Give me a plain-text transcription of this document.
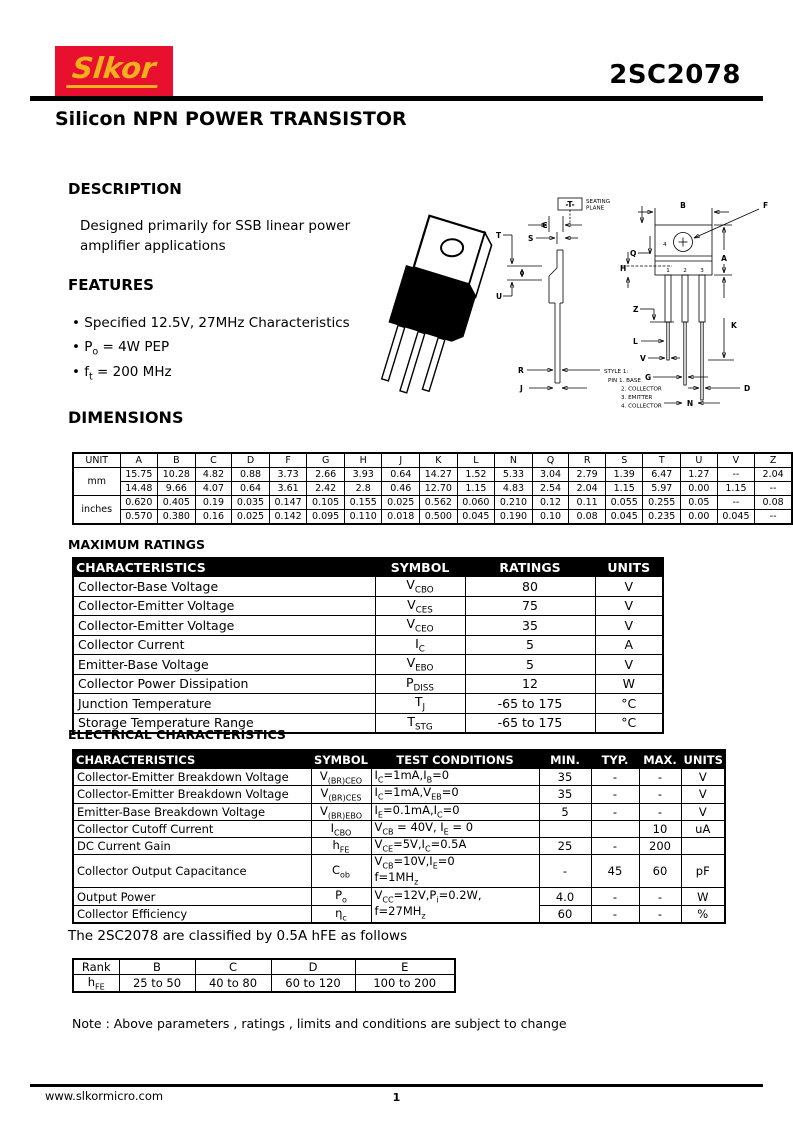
Slkor	2SC2078
Silicon NPN POWER TRANSISTOR
DESCRIPTION
Designed primarily for SSB linear power
amplifier applications
FEATURES
• Specified 12.5V, 27MHz Characteristics
• $P_o = 4W$ PEP
• $f_t = 200$ MHz
-T- SEATING
PLANE
C
S
T
U
R
J
STYLE 1:
PIN 1. BASE
2. COLLECTOR
3. EMITTER
4. COLLECTOR
4
1 2 3
B	F
Q
A
H
Z
K
L
V
G
D
N
DIMENSIONS
UNIT	A	B	C	D	F	G	H	J	K	L	N	Q	R	S	T	U	V	Z
mm	15.75	10.28	4.82	0.88	3.73	2.66	3.93	0.64	14.27	1.52	5.33	3.04	2.79	1.39	6.47	1.27	--	2.04
	14.48	9.66	4.07	0.64	3.61	2.42	2.8	0.46	12.70	1.15	4.83	2.54	2.04	1.15	5.97	0.00	1.15	--
inches	0.620	0.405	0.19	0.035	0.147	0.105	0.155	0.025	0.562	0.060	0.210	0.12	0.11	0.055	0.255	0.05	--	0.08
	0.570	0.380	0.16	0.025	0.142	0.095	0.110	0.018	0.500	0.045	0.190	0.10	0.08	0.045	0.235	0.00	0.045	--
MAXIMUM RATINGS
CHARACTERISTICS	SYMBOL	RATINGS	UNITS
Collector-Base Voltage	$V_{CBO}$	80	V
Collector-Emitter Voltage	$V_{CES}$	75	V
Collector-Emitter Voltage	$V_{CEO}$	35	V
Collector Current	$I_C$	5	A
Emitter-Base Voltage	$V_{EBO}$	5	V
Collector Power Dissipation	$P_{DISS}$	12	W
Junction Temperature	$T_J$	-65 to 175	°C
Storage Temperature Range	$T_{STG}$	-65 to 175	°C
ELECTRICAL CHARACTERISTICS
CHARACTERISTICS	SYMBOL	TEST CONDITIONS	MIN.	TYP.	MAX.	UNITS
Collector-Emitter Breakdown Voltage	$V_{(BR)CEO}$	$I_C=1mA,I_B=0$	35	-	-	V
Collector-Emitter Breakdown Voltage	$V_{(BR)CES}$	$I_C=1mA,V_{EB}=0$	35	-	-	V
Emitter-Base Breakdown Voltage	$V_{(BR)EBO}$	$I_E=0.1mA,I_C=0$	5	-	-	V
Collector Cutoff Current	$I_{CBO}$	$V_{CB} = 40V$, $I_E = 0$			10	uA
DC Current Gain	$h_{FE}$	$V_{CE}=5V,I_C=0.5A$	25	-	200	
Collector Output Capacitance	$C_{ob}$	$V_{CB}=10V,I_E=0$
$f=1MH_z$	-	45	60	pF
Output Power	$P_o$	$V_{CC}=12V,P_i=0.2W$,
$f=27MH_z$	4.0	-	-	W
Collector Efficiency	$\eta_c$		60	-	-	%
The 2SC2078 are classified by 0.5A hFE as follows
Rank	B	C	D	E
$h_{FE}$	25 to 50	40 to 80	60 to 120	100 to 200
Note : Above parameters , ratings , limits and conditions are subject to change
www.slkormicro.com	1
